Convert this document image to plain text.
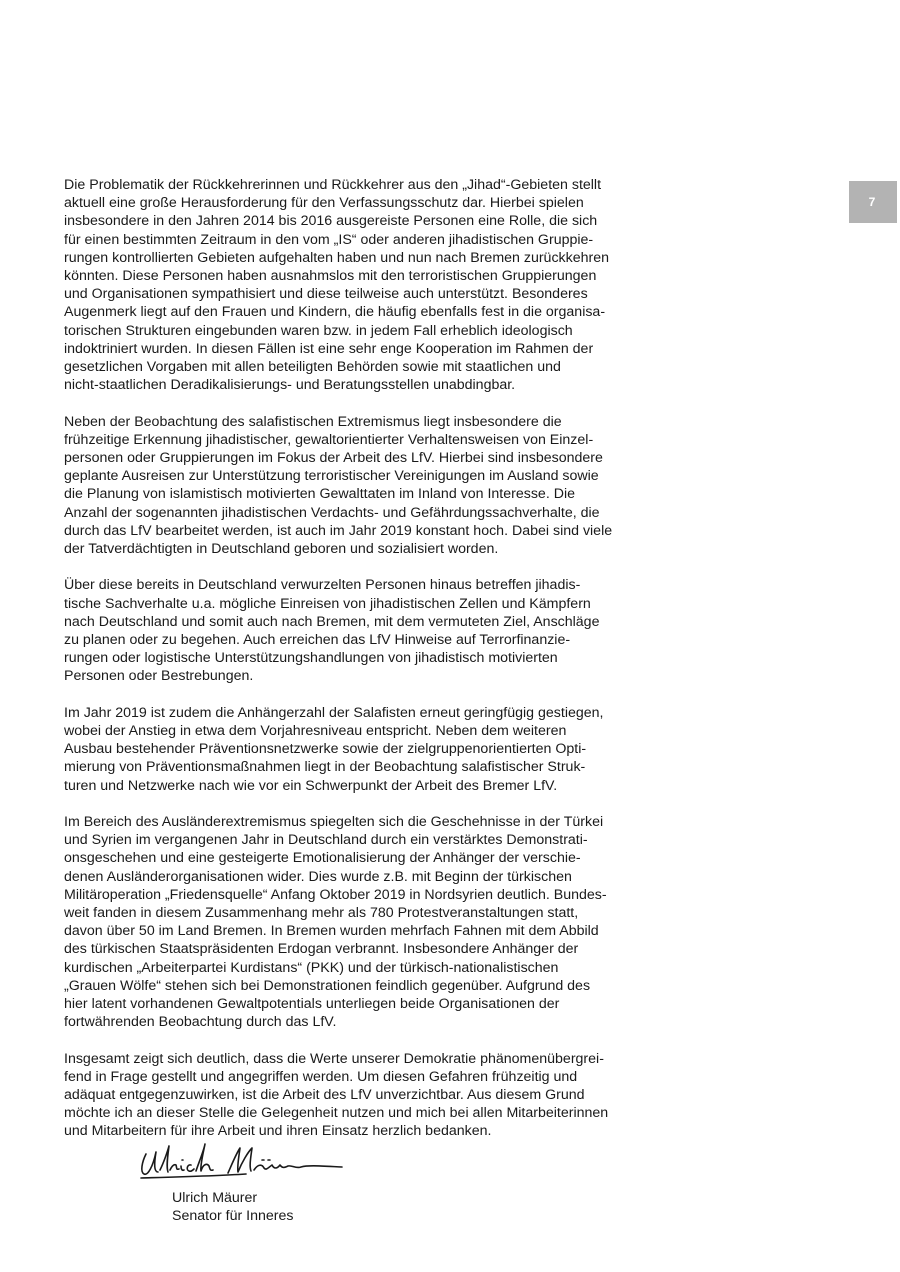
7
Die Problematik der Rückkehrerinnen und Rückkehrer aus den „Jihad“-Gebieten stellt
aktuell eine große Herausforderung für den Verfassungsschutz dar. Hierbei spielen
insbesondere in den Jahren 2014 bis 2016 ausgereiste Personen eine Rolle, die sich
für einen bestimmten Zeitraum in den vom „IS“ oder anderen jihadistischen Gruppie-
rungen kontrollierten Gebieten aufgehalten haben und nun nach Bremen zurückkehren
könnten. Diese Personen haben ausnahmslos mit den terroristischen Gruppierungen
und Organisationen sympathisiert und diese teilweise auch unterstützt. Besonderes
Augenmerk liegt auf den Frauen und Kindern, die häufig ebenfalls fest in die organisa-
torischen Strukturen eingebunden waren bzw. in jedem Fall erheblich ideologisch
indoktriniert wurden. In diesen Fällen ist eine sehr enge Kooperation im Rahmen der
gesetzlichen Vorgaben mit allen beteiligten Behörden sowie mit staatlichen und
nicht-staatlichen Deradikalisierungs- und Beratungsstellen unabdingbar.
Neben der Beobachtung des salafistischen Extremismus liegt insbesondere die
frühzeitige Erkennung jihadistischer, gewaltorientierter Verhaltensweisen von Einzel-
personen oder Gruppierungen im Fokus der Arbeit des LfV. Hierbei sind insbesondere
geplante Ausreisen zur Unterstützung terroristischer Vereinigungen im Ausland sowie
die Planung von islamistisch motivierten Gewalttaten im Inland von Interesse. Die
Anzahl der sogenannten jihadistischen Verdachts- und Gefährdungssachverhalte, die
durch das LfV bearbeitet werden, ist auch im Jahr 2019 konstant hoch. Dabei sind viele
der Tatverdächtigten in Deutschland geboren und sozialisiert worden.
Über diese bereits in Deutschland verwurzelten Personen hinaus betreffen jihadis-
tische Sachverhalte u.a. mögliche Einreisen von jihadistischen Zellen und Kämpfern
nach Deutschland und somit auch nach Bremen, mit dem vermuteten Ziel, Anschläge
zu planen oder zu begehen. Auch erreichen das LfV Hinweise auf Terrorfinanzie-
rungen oder logistische Unterstützungshandlungen von jihadistisch motivierten
Personen oder Bestrebungen.
Im Jahr 2019 ist zudem die Anhängerzahl der Salafisten erneut geringfügig gestiegen,
wobei der Anstieg in etwa dem Vorjahresniveau entspricht. Neben dem weiteren
Ausbau bestehender Präventionsnetzwerke sowie der zielgruppenorientierten Opti-
mierung von Präventionsmaßnahmen liegt in der Beobachtung salafistischer Struk-
turen und Netzwerke nach wie vor ein Schwerpunkt der Arbeit des Bremer LfV.
Im Bereich des Ausländerextremismus spiegelten sich die Geschehnisse in der Türkei
und Syrien im vergangenen Jahr in Deutschland durch ein verstärktes Demonstrati-
onsgeschehen und eine gesteigerte Emotionalisierung der Anhänger der verschie-
denen Ausländerorganisationen wider. Dies wurde z.B. mit Beginn der türkischen
Militäroperation „Friedensquelle“ Anfang Oktober 2019 in Nordsyrien deutlich. Bundes-
weit fanden in diesem Zusammenhang mehr als 780 Protestveranstaltungen statt,
davon über 50 im Land Bremen. In Bremen wurden mehrfach Fahnen mit dem Abbild
des türkischen Staatspräsidenten Erdogan verbrannt. Insbesondere Anhänger der
kurdischen „Arbeiterpartei Kurdistans“ (PKK) und der türkisch-nationalistischen
„Grauen Wölfe“ stehen sich bei Demonstrationen feindlich gegenüber. Aufgrund des
hier latent vorhandenen Gewaltpotentials unterliegen beide Organisationen der
fortwährenden Beobachtung durch das LfV.
Insgesamt zeigt sich deutlich, dass die Werte unserer Demokratie phänomenübergrei-
fend in Frage gestellt und angegriffen werden. Um diesen Gefahren frühzeitig und
adäquat entgegenzuwirken, ist die Arbeit des LfV unverzichtbar. Aus diesem Grund
möchte ich an dieser Stelle die Gelegenheit nutzen und mich bei allen Mitarbeiterinnen
und Mitarbeitern für ihre Arbeit und ihren Einsatz herzlich bedanken.
Ulrich Mäurer
Senator für Inneres
